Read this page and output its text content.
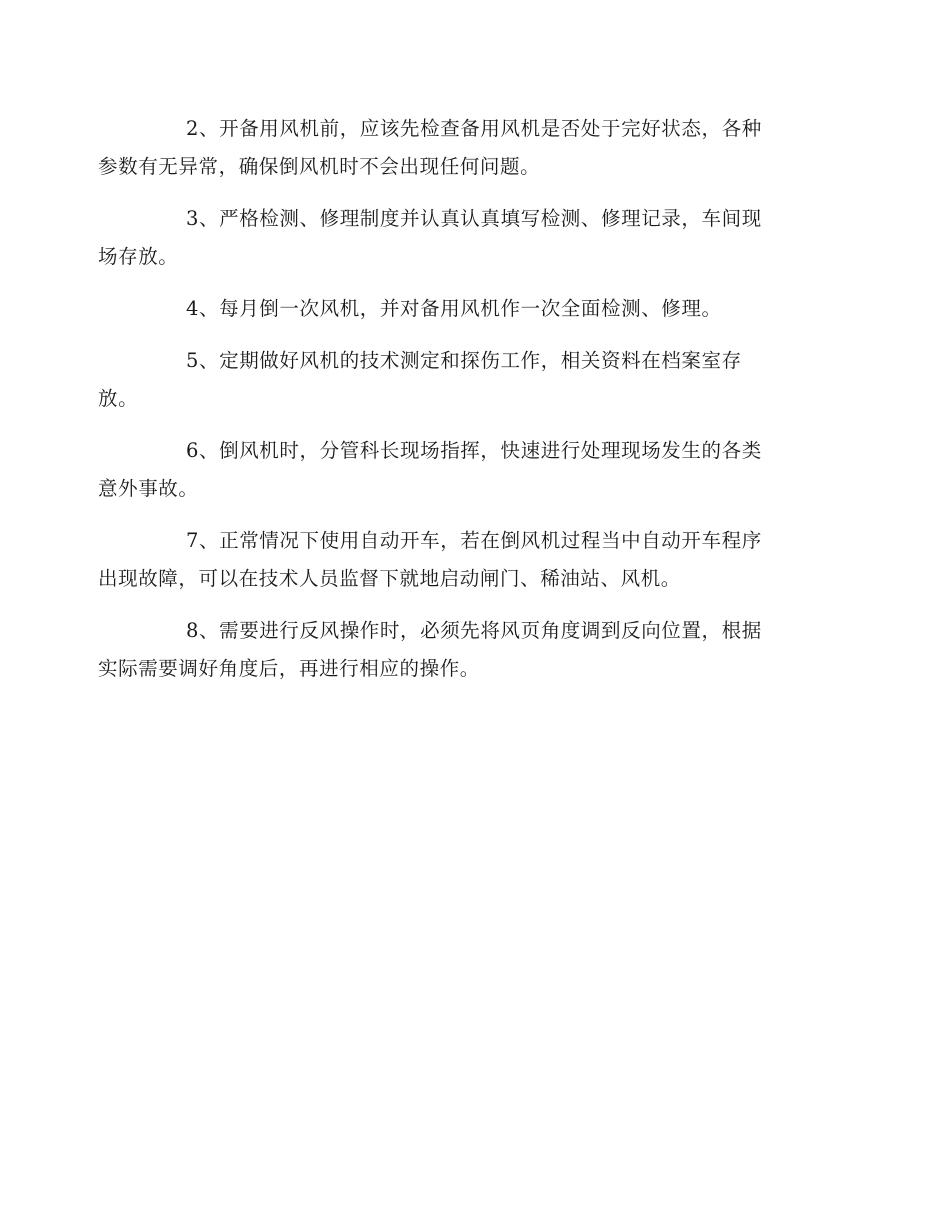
2、开备用风机前，应该先检查备用风机是否处于完好状态，各种
参数有无异常，确保倒风机时不会出现任何问题。

3、严格检测、修理制度并认真认真填写检测、修理记录，车间现
场存放。

4、每月倒一次风机，并对备用风机作一次全面检测、修理。

5、定期做好风机的技术测定和探伤工作，相关资料在档案室存
放。

6、倒风机时，分管科长现场指挥，快速进行处理现场发生的各类
意外事故。

7、正常情况下使用自动开车，若在倒风机过程当中自动开车程序
出现故障，可以在技术人员监督下就地启动闸门、稀油站、风机。

8、需要进行反风操作时，必须先将风页角度调到反向位置，根据
实际需要调好角度后，再进行相应的操作。
